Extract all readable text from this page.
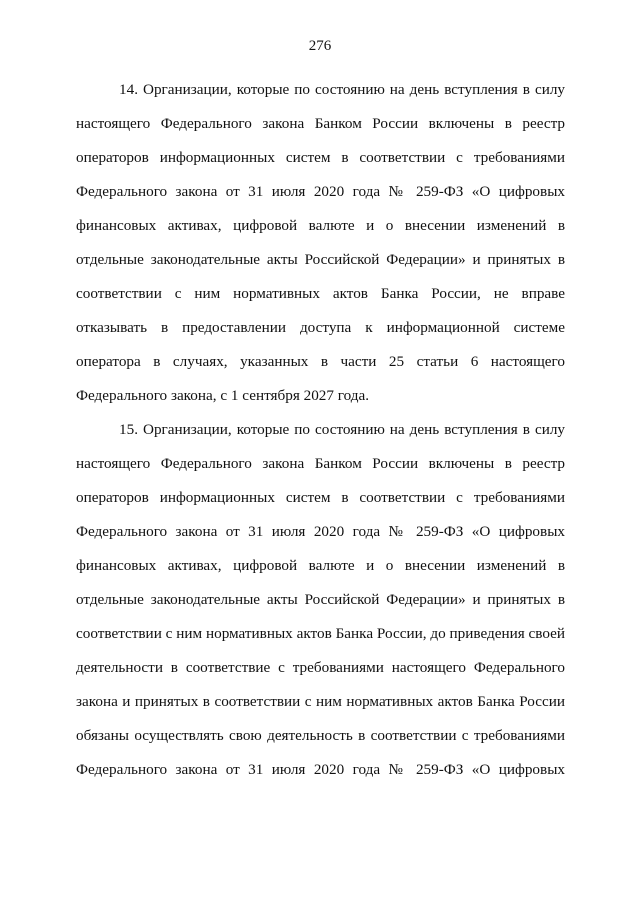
276

14. Организации, которые по состоянию на день вступления в силу
настоящего Федерального закона Банком России включены в реестр
операторов информационных систем в соответствии с требованиями
Федерального закона от 31 июля 2020 года № 259-ФЗ «О цифровых
финансовых активах, цифровой валюте и о внесении изменений в
отдельные законодательные акты Российской Федерации» и принятых в
соответствии с ним нормативных актов Банка России, не вправе
отказывать в предоставлении доступа к информационной системе
оператора в случаях, указанных в части 25 статьи 6 настоящего
Федерального закона, с 1 сентября 2027 года.

15. Организации, которые по состоянию на день вступления в силу
настоящего Федерального закона Банком России включены в реестр
операторов информационных систем в соответствии с требованиями
Федерального закона от 31 июля 2020 года № 259-ФЗ «О цифровых
финансовых активах, цифровой валюте и о внесении изменений в
отдельные законодательные акты Российской Федерации» и принятых в
соответствии с ним нормативных актов Банка России, до приведения своей
деятельности в соответствие с требованиями настоящего Федерального
закона и принятых в соответствии с ним нормативных актов Банка России
обязаны осуществлять свою деятельность в соответствии с требованиями
Федерального закона от 31 июля 2020 года № 259-ФЗ «О цифровых
